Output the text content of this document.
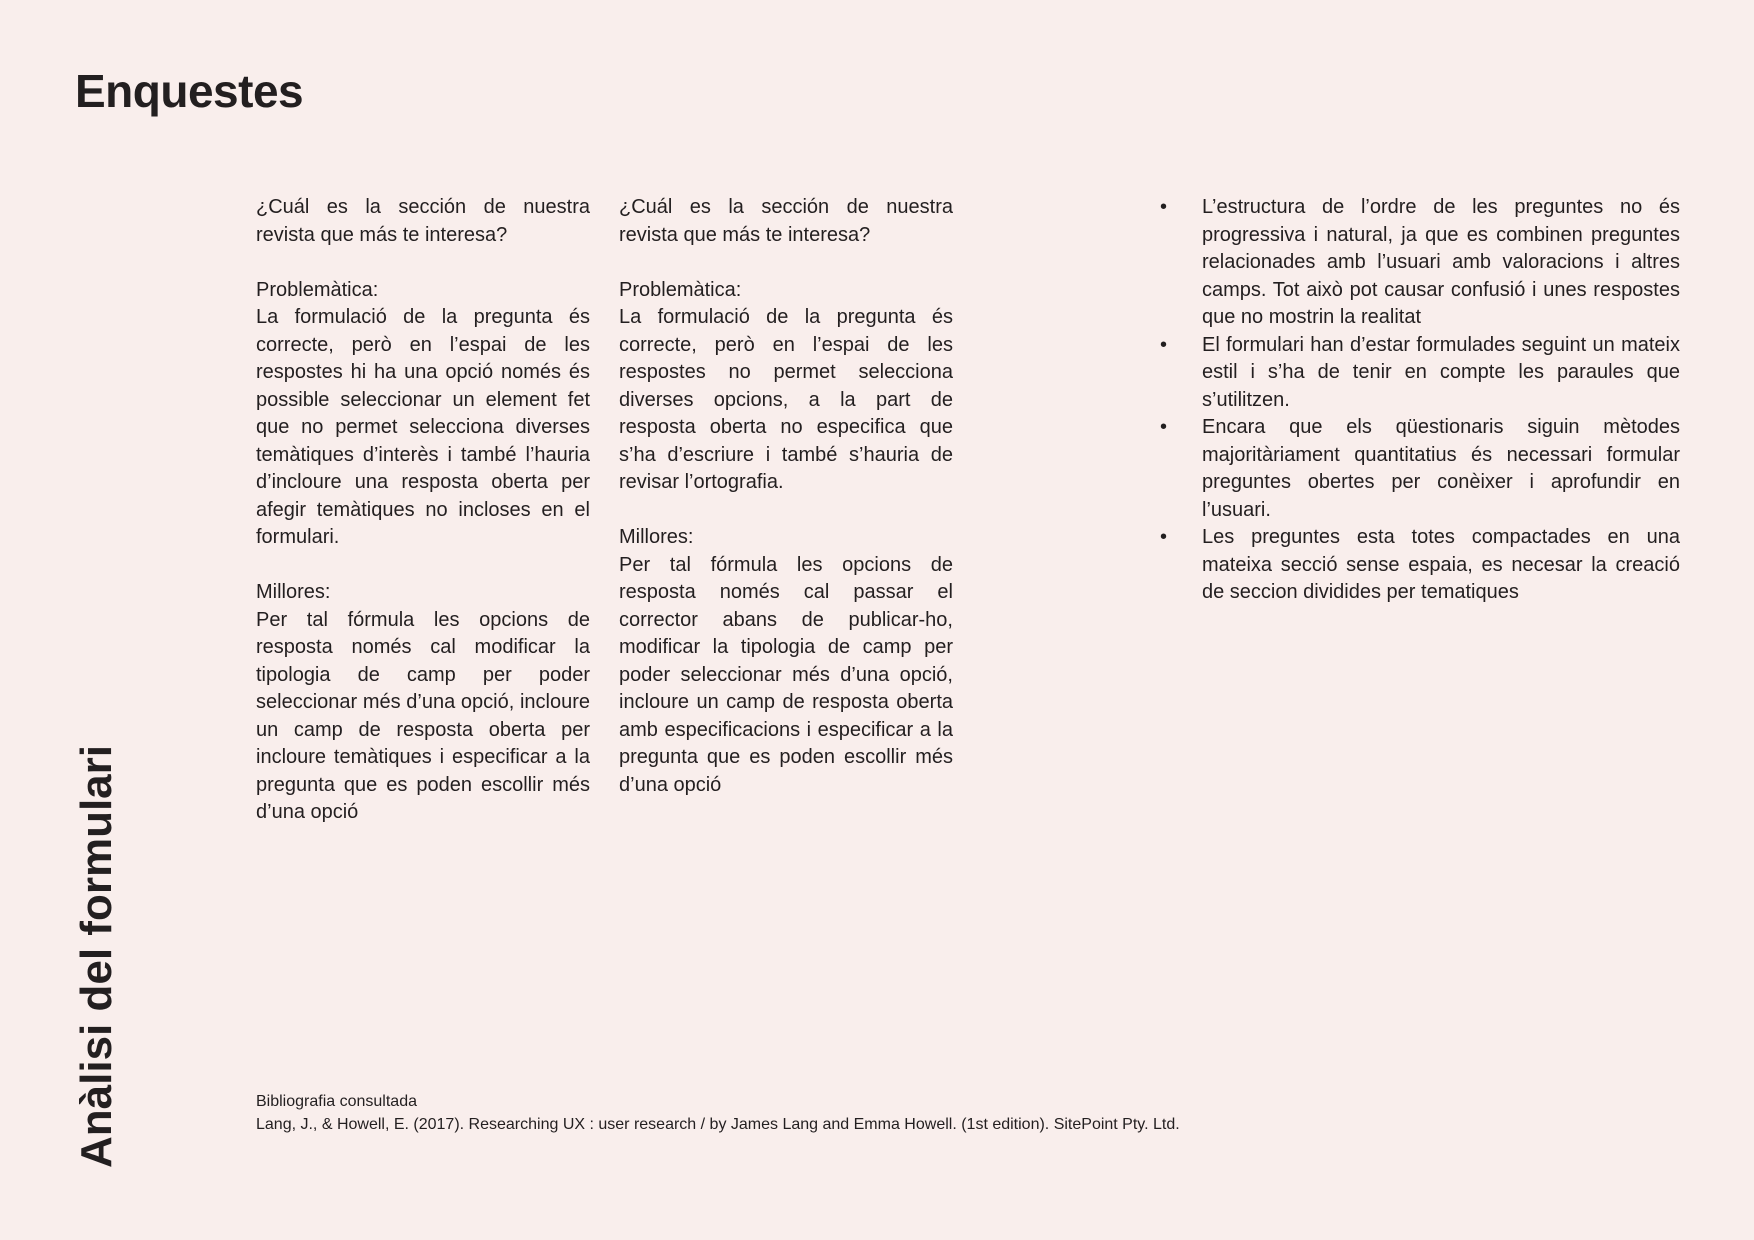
Enquestes
Anàlisi del formulari

¿Cuál es la sección de nuestra revista que más te interesa?

Problemàtica:

La formulació de la pregunta és correcte, però en l’espai de les respostes hi ha una opció només és possible seleccionar un element fet que no permet selecciona diverses temàtiques d’interès i també l’hauria d’incloure una resposta oberta per afegir temàtiques no incloses en el formulari.

Millores:

Per tal fórmula les opcions de resposta només cal modificar la tipologia de camp per poder seleccionar més d’una opció, incloure un camp de resposta oberta per incloure temàtiques i especificar a la pregunta que es poden escollir més d’una opció

¿Cuál es la sección de nuestra revista que más te interesa?

Problemàtica:

La formulació de la pregunta és correcte, però en l’espai de les respostes no permet selecciona diverses opcions, a la part de resposta oberta no especifica que s’ha d’escriure i també s’hauria de revisar l’ortografia.

Millores:

Per tal fórmula les opcions de resposta només cal passar el corrector abans de publicar-ho, modificar la tipologia de camp per poder seleccionar més d’una opció, incloure un camp de resposta oberta amb especificacions i especificar a la pregunta que es poden escollir més d’una opció

• L’estructura de l’ordre de les preguntes no és progressiva i natural, ja que es combinen preguntes relacionades amb l’usuari amb valoracions i altres camps. Tot això pot causar confusió i unes respostes que no mostrin la realitat
• El formulari han d’estar formulades seguint un mateix estil i s’ha de tenir en compte les paraules que s’utilitzen.
• Encara que els qüestionaris siguin mètodes majoritàriament quantitatius és necessari formular preguntes obertes per conèixer i aprofundir en l’usuari.
• Les preguntes esta totes compactades en una mateixa secció sense espaia, es necesar la creació de seccion dividides per tematiques

Bibliografia consultada

Lang, J., & Howell, E. (2017). Researching UX : user research / by James Lang and Emma Howell. (1st edition). SitePoint Pty. Ltd.
